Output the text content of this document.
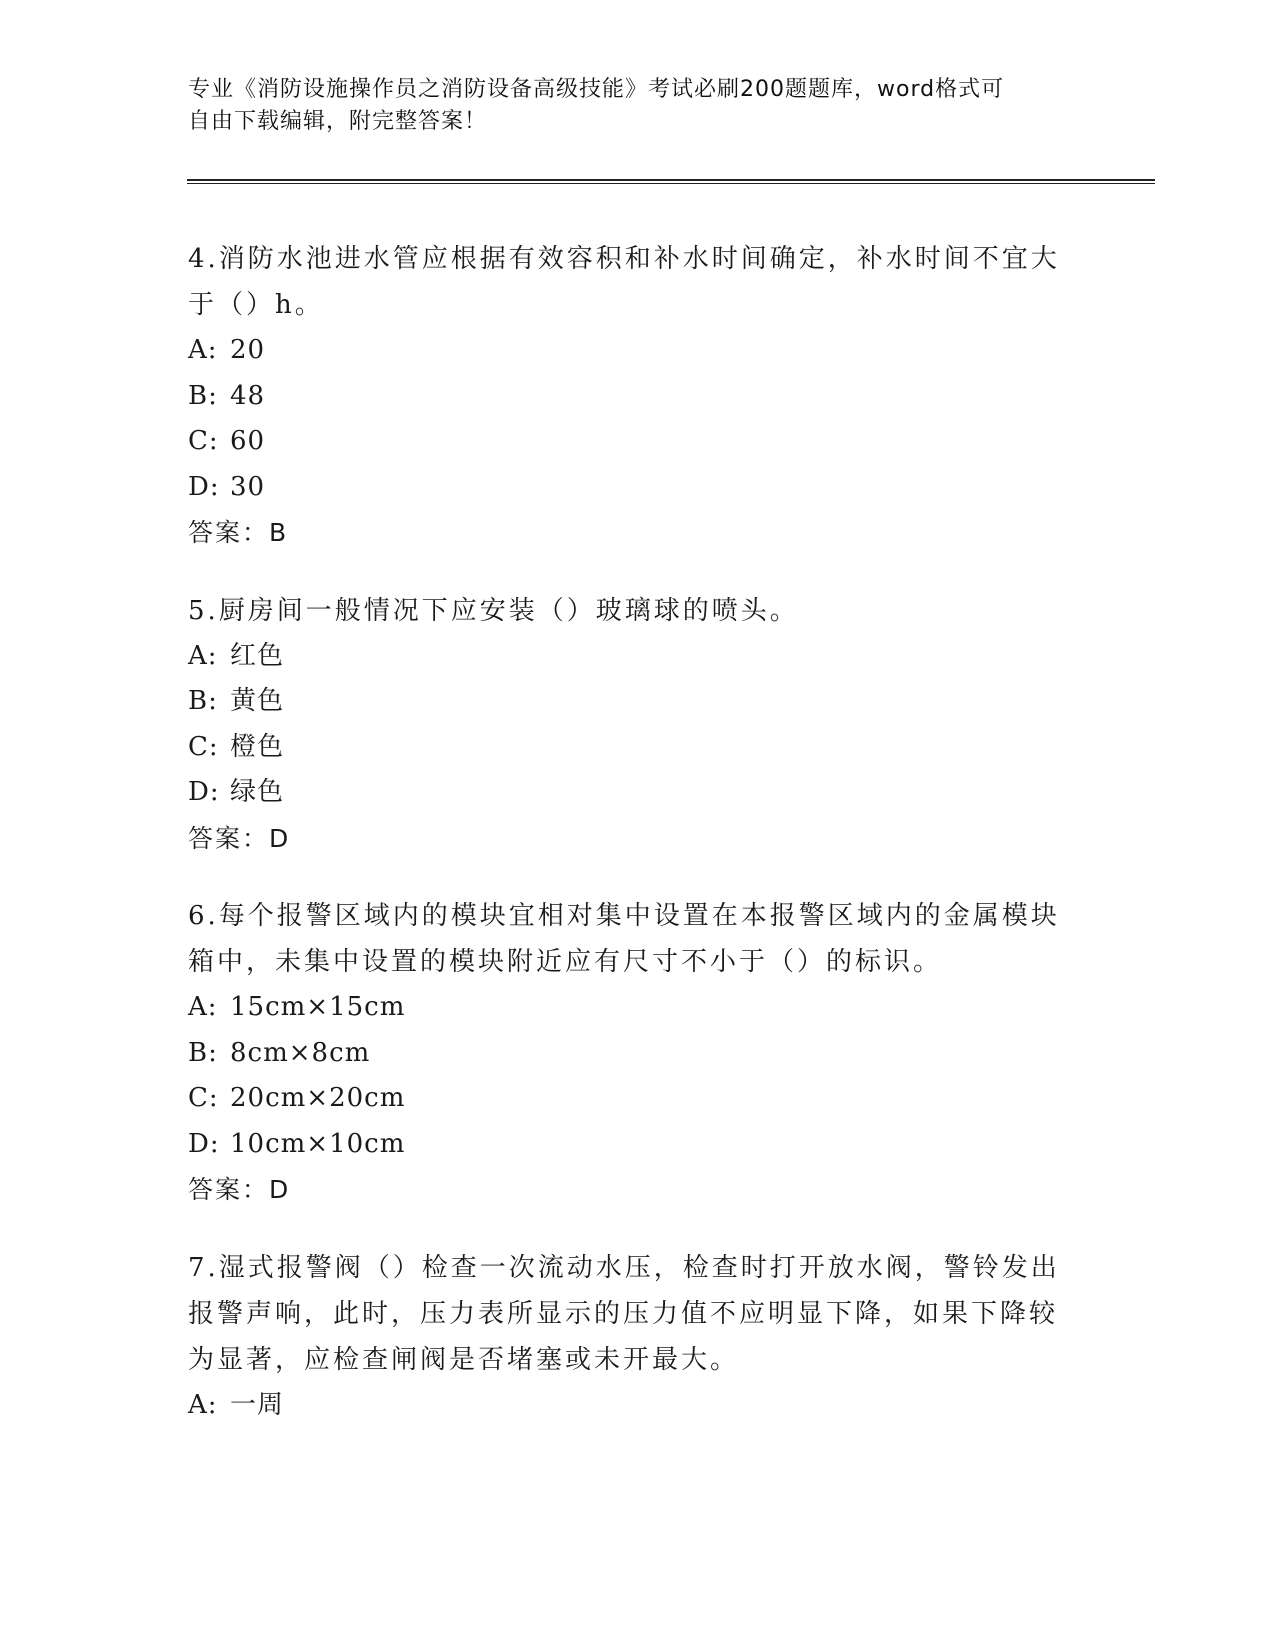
专业《消防设施操作员之消防设备高级技能》考试必刷200题题库，word格式可
自由下载编辑，附完整答案！
4.消防水池进水管应根据有效容积和补水时间确定，补水时间不宜大
于（）h。
A: 20
B: 48
C: 60
D: 30
答案：B
5.厨房间一般情况下应安装（）玻璃球的喷头。
A: 红色
B: 黄色
C: 橙色
D: 绿色
答案：D
6.每个报警区域内的模块宜相对集中设置在本报警区域内的金属模块
箱中，未集中设置的模块附近应有尺寸不小于（）的标识。
A: 15cm×15cm
B: 8cm×8cm
C: 20cm×20cm
D: 10cm×10cm
答案：D
7.湿式报警阀（）检查一次流动水压，检查时打开放水阀，警铃发出
报警声响，此时，压力表所显示的压力值不应明显下降，如果下降较
为显著，应检查闸阀是否堵塞或未开最大。
A: 一周
